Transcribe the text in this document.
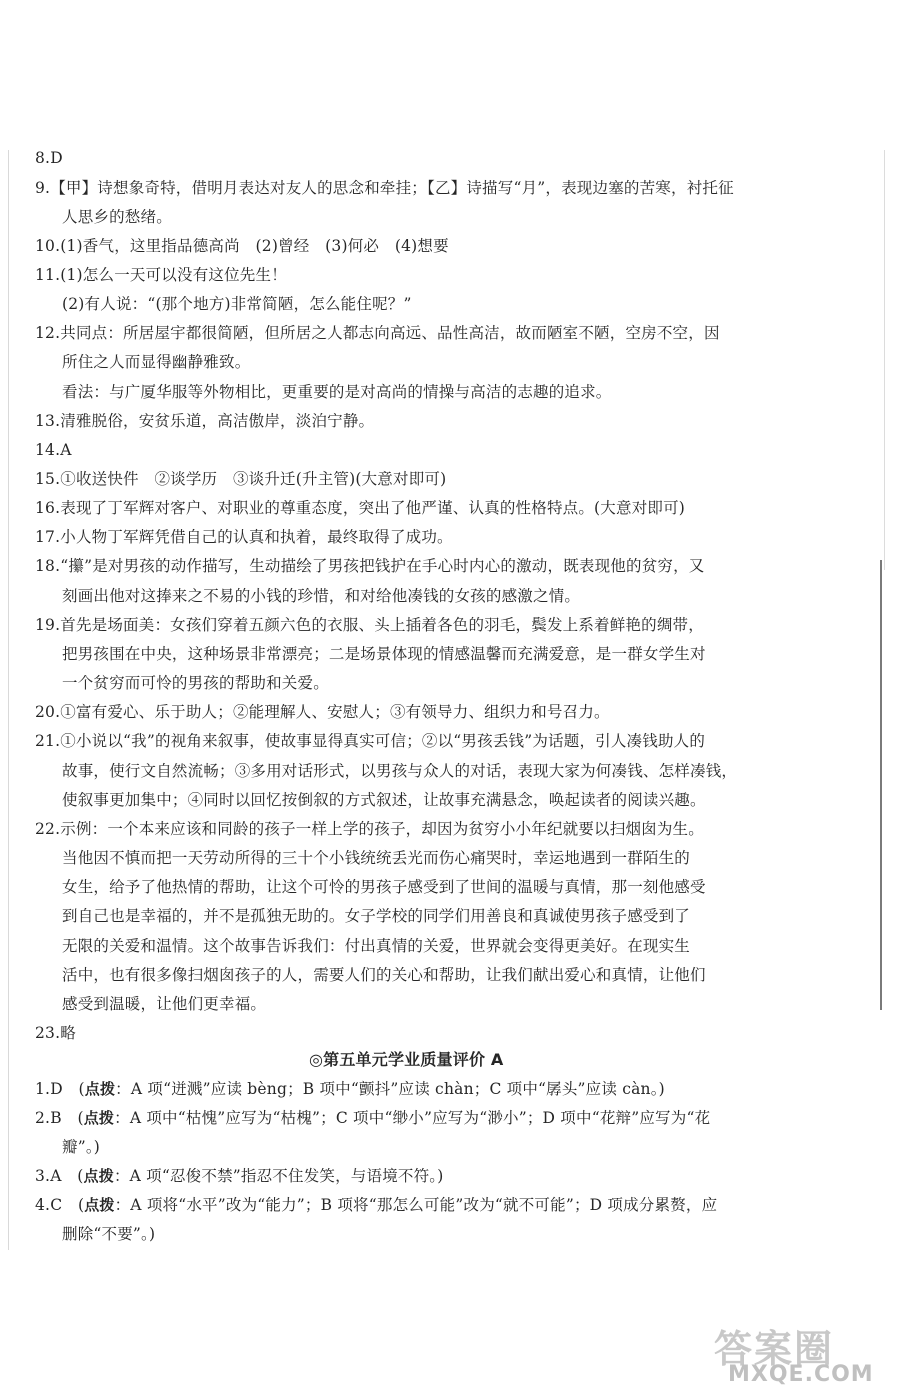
8.D
9.【甲】诗想象奇特，借明月表达对友人的思念和牵挂；【乙】诗描写“月”，表现边塞的苦寒，衬托征
人思乡的愁绪。
10.(1)香气，这里指品德高尚　(2)曾经　(3)何必　(4)想要
11.(1)怎么一天可以没有这位先生！
(2)有人说：“(那个地方)非常简陋，怎么能住呢？”
12.共同点：所居屋宇都很简陋，但所居之人都志向高远、品性高洁，故而陋室不陋，空房不空，因
所住之人而显得幽静雅致。
看法：与广厦华服等外物相比，更重要的是对高尚的情操与高洁的志趣的追求。
13.清雅脱俗，安贫乐道，高洁傲岸，淡泊宁静。
14.A
15.①收送快件　②谈学历　③谈升迁(升主管)(大意对即可)
16.表现了丁军辉对客户、对职业的尊重态度，突出了他严谨、认真的性格特点。(大意对即可)
17.小人物丁军辉凭借自己的认真和执着，最终取得了成功。
18.“攥”是对男孩的动作描写，生动描绘了男孩把钱护在手心时内心的激动，既表现他的贫穷，又
刻画出他对这捧来之不易的小钱的珍惜，和对给他凑钱的女孩的感激之情。
19.首先是场面美：女孩们穿着五颜六色的衣服、头上插着各色的羽毛，鬓发上系着鲜艳的绸带，
把男孩围在中央，这种场景非常漂亮；二是场景体现的情感温馨而充满爱意，是一群女学生对
一个贫穷而可怜的男孩的帮助和关爱。
20.①富有爱心、乐于助人；②能理解人、安慰人；③有领导力、组织力和号召力。
21.①小说以“我”的视角来叙事，使故事显得真实可信；②以“男孩丢钱”为话题，引人凑钱助人的
故事，使行文自然流畅；③多用对话形式，以男孩与众人的对话，表现大家为何凑钱、怎样凑钱，
使叙事更加集中；④同时以回忆按倒叙的方式叙述，让故事充满悬念，唤起读者的阅读兴趣。
22.示例：一个本来应该和同龄的孩子一样上学的孩子，却因为贫穷小小年纪就要以扫烟囱为生。
当他因不慎而把一天劳动所得的三十个小钱统统丢光而伤心痛哭时，幸运地遇到一群陌生的
女生，给予了他热情的帮助，让这个可怜的男孩子感受到了世间的温暖与真情，那一刻他感受
到自己也是幸福的，并不是孤独无助的。女子学校的同学们用善良和真诚使男孩子感受到了
无限的关爱和温情。这个故事告诉我们：付出真情的关爱，世界就会变得更美好。在现实生
活中，也有很多像扫烟囱孩子的人，需要人们的关心和帮助，让我们献出爱心和真情，让他们
感受到温暖，让他们更幸福。
23.略
◎第五单元学业质量评价 A
1.D　(点拨：A 项“迸溅”应读 bèng；B 项中“颤抖”应读 chàn；C 项中“孱头”应读 càn。)
2.B　(点拨：A 项中“枯愧”应写为“枯槐”；C 项中“缈小”应写为“渺小”；D 项中“花辩”应写为“花
瓣”。)
3.A　(点拨：A 项“忍俊不禁”指忍不住发笑，与语境不符。)
4.C　(点拨：A 项将“水平”改为“能力”；B 项将“那怎么可能”改为“就不可能”；D 项成分累赘，应
删除“不要”。)
答案圈
MXQE.COM
